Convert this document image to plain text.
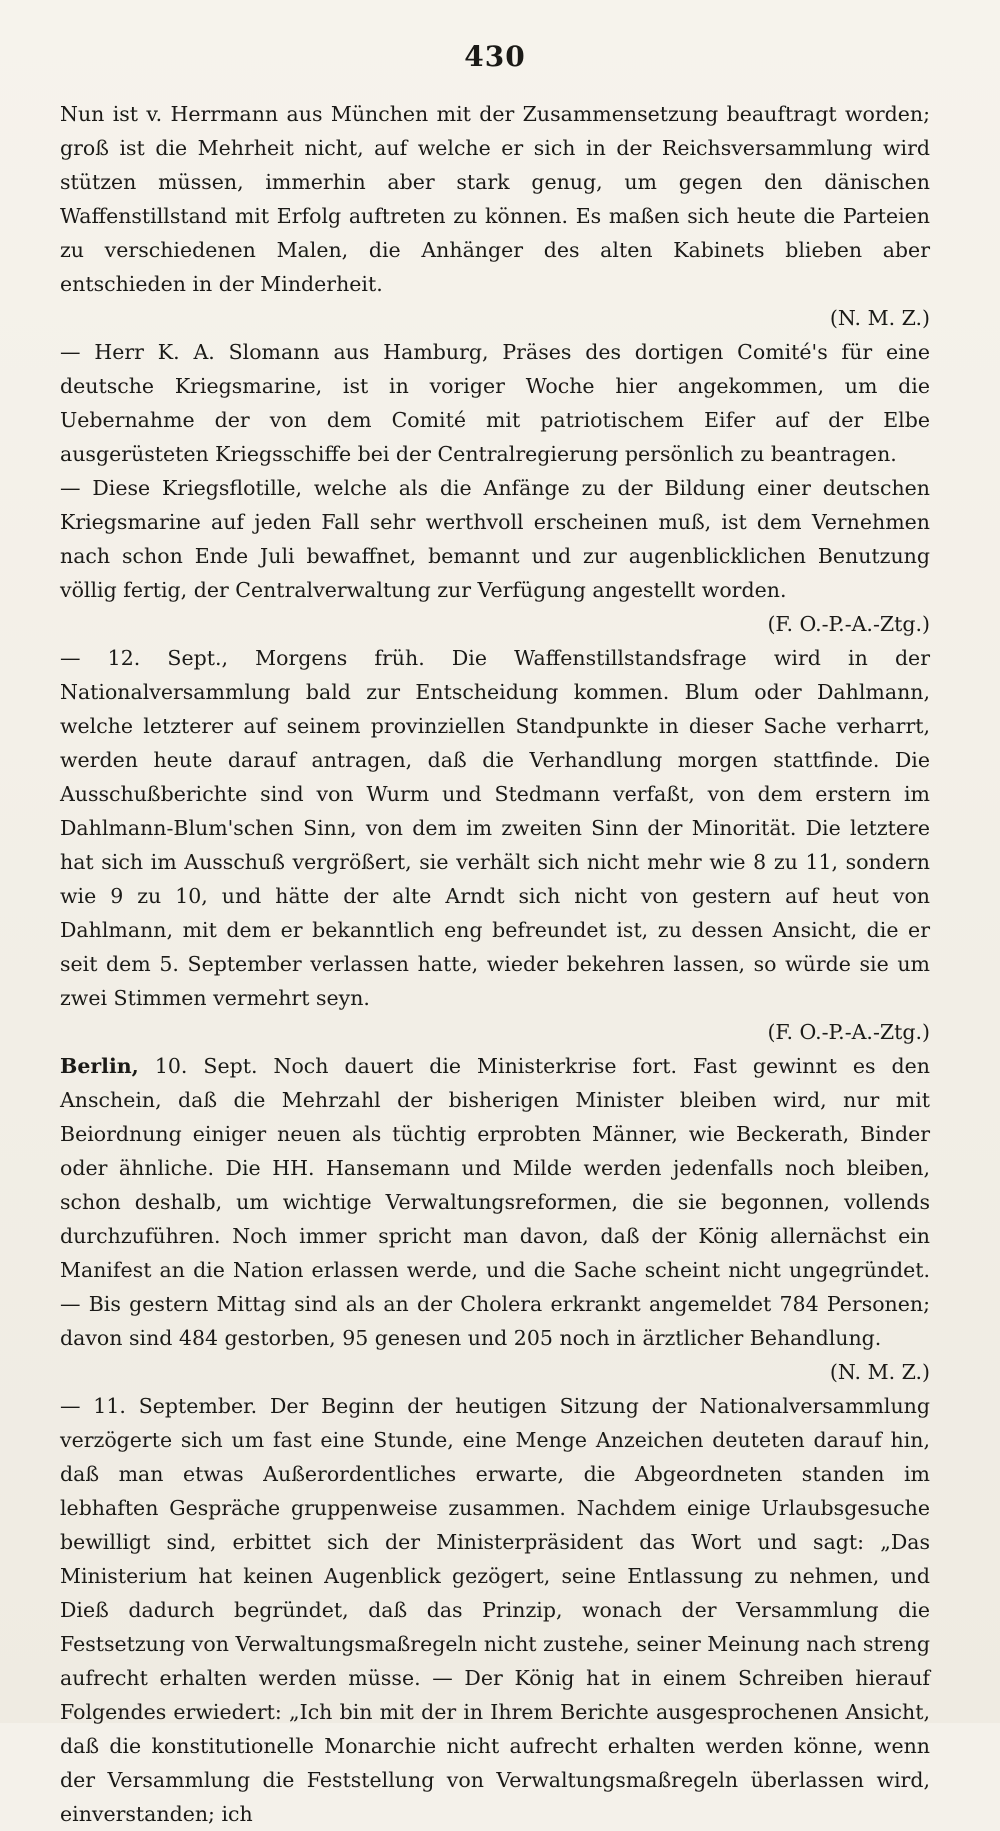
430

Nun ist v. Herrmann aus München mit der Zusammensetzung beauftragt worden; groß ist die Mehrheit nicht, auf welche er sich in der Reichsversammlung wird stützen müssen, immerhin aber stark genug, um gegen den dänischen Waffenstillstand mit Erfolg auftreten zu können. Es maßen sich heute die Parteien zu verschiedenen Malen, die Anhänger des alten Kabinets blieben aber entschieden in der Minderheit.

(N. M. Z.)

— Herr K. A. Slomann aus Hamburg, Präses des dortigen Comité's für eine deutsche Kriegsmarine, ist in voriger Woche hier angekommen, um die Uebernahme der von dem Comité mit patriotischem Eifer auf der Elbe ausgerüsteten Kriegsschiffe bei der Centralregierung persönlich zu beantragen.

— Diese Kriegsflotille, welche als die Anfänge zu der Bildung einer deutschen Kriegsmarine auf jeden Fall sehr werthvoll erscheinen muß, ist dem Vernehmen nach schon Ende Juli bewaffnet, bemannt und zur augenblicklichen Benutzung völlig fertig, der Centralverwaltung zur Verfügung angestellt worden.

(F. O.-P.-A.-Ztg.)

— 12. Sept., Morgens früh. Die Waffenstillstandsfrage wird in der Nationalversammlung bald zur Entscheidung kommen. Blum oder Dahlmann, welche letzterer auf seinem provinziellen Standpunkte in dieser Sache verharrt, werden heute darauf antragen, daß die Verhandlung morgen stattfinde. Die Ausschußberichte sind von Wurm und Stedmann verfaßt, von dem erstern im Dahlmann-Blum'schen Sinn, von dem im zweiten Sinn der Minorität. Die letztere hat sich im Ausschuß vergrößert, sie verhält sich nicht mehr wie 8 zu 11, sondern wie 9 zu 10, und hätte der alte Arndt sich nicht von gestern auf heut von Dahlmann, mit dem er bekanntlich eng befreundet ist, zu dessen Ansicht, die er seit dem 5. September verlassen hatte, wieder bekehren lassen, so würde sie um zwei Stimmen vermehrt seyn.

(F. O.-P.-A.-Ztg.)

Berlin, 10. Sept. Noch dauert die Ministerkrise fort. Fast gewinnt es den Anschein, daß die Mehrzahl der bisherigen Minister bleiben wird, nur mit Beiordnung einiger neuen als tüchtig erprobten Männer, wie Beckerath, Binder oder ähnliche. Die HH. Hansemann und Milde werden jedenfalls noch bleiben, schon deshalb, um wichtige Verwaltungsreformen, die sie begonnen, vollends durchzuführen. Noch immer spricht man davon, daß der König allernächst ein Manifest an die Nation erlassen werde, und die Sache scheint nicht ungegründet. — Bis gestern Mittag sind als an der Cholera erkrankt angemeldet 784 Personen; davon sind 484 gestorben, 95 genesen und 205 noch in ärztlicher Behandlung.

(N. M. Z.)

— 11. September. Der Beginn der heutigen Sitzung der Nationalversammlung verzögerte sich um fast eine Stunde, eine Menge Anzeichen deuteten darauf hin, daß man etwas Außerordentliches erwarte, die Abgeordneten standen im lebhaften Gespräche gruppenweise zusammen. Nachdem einige Urlaubsgesuche bewilligt sind, erbittet sich der Ministerpräsident das Wort und sagt: „Das Ministerium hat keinen Augenblick gezögert, seine Entlassung zu nehmen, und Dieß dadurch begründet, daß das Prinzip, wonach der Versammlung die Festsetzung von Verwaltungsmaßregeln nicht zustehe, seiner Meinung nach streng aufrecht erhalten werden müsse. — Der König hat in einem Schreiben hierauf Folgendes erwiedert: „Ich bin mit der in Ihrem Berichte ausgesprochenen Ansicht, daß die konstitutionelle Monarchie nicht aufrecht erhalten werden könne, wenn der Versammlung die Feststellung von Verwaltungsmaßregeln überlassen wird, einverstanden; ich
